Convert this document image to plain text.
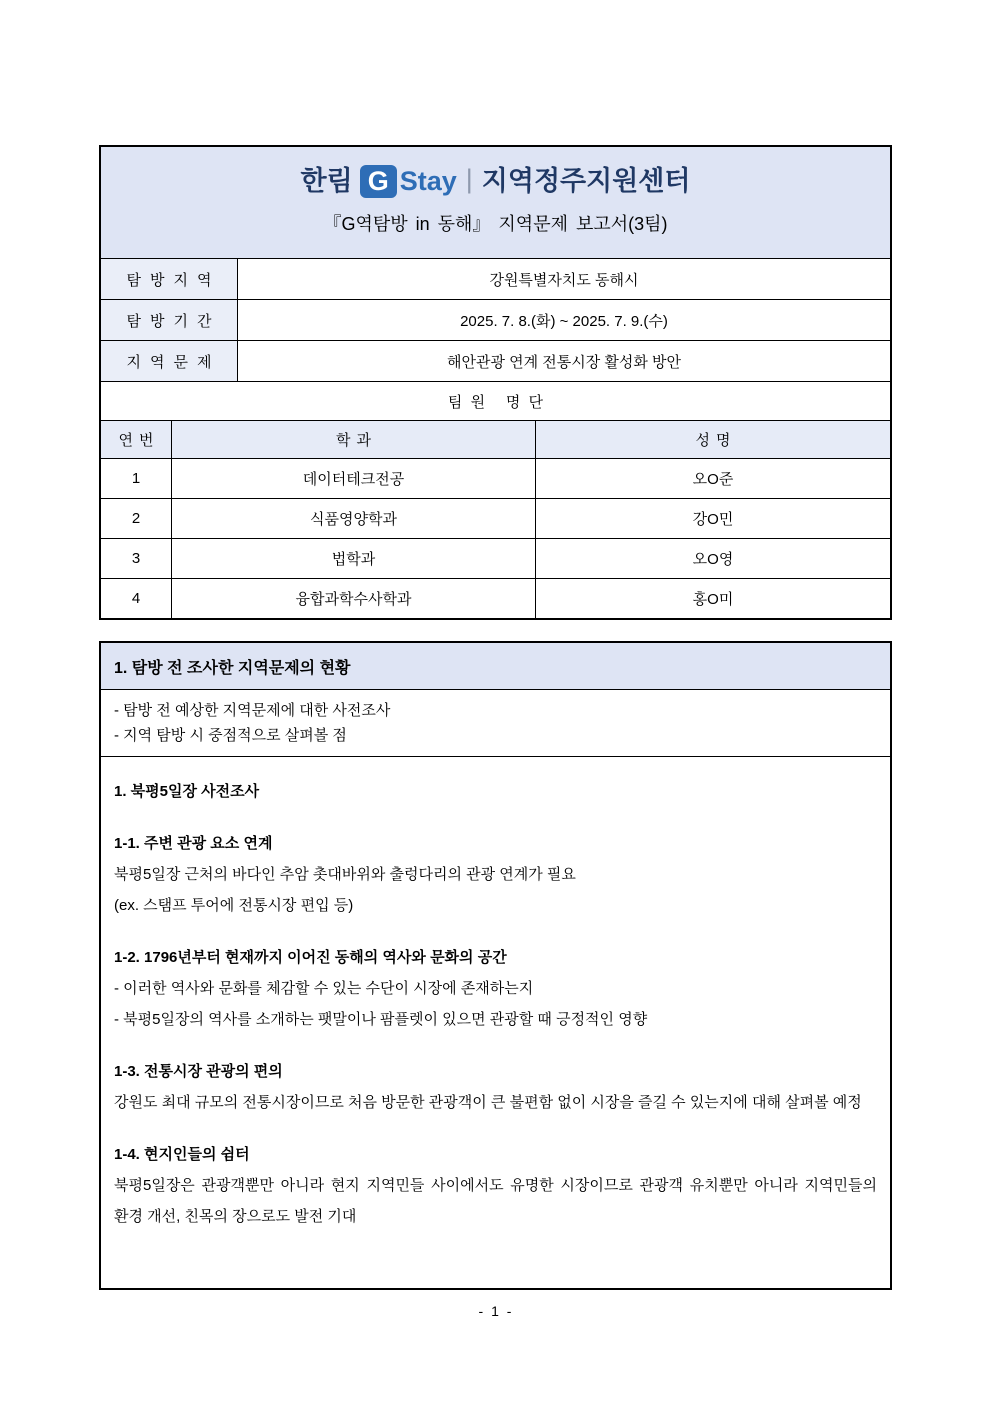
한림 G Stay | 지역정주지원센터
『G역탐방 in 동해』 지역문제 보고서(3팀)
탐방지역	강원특별자치도 동해시
탐방기간	2025. 7. 8.(화) ~ 2025. 7. 9.(수)
지역문제	해안관광 연계 전통시장 활성화 방안
팀원 명단
연번	학과	성명
1	데이터테크전공	오O준
2	식품영양학과	강O민
3	법학과	오O영
4	융합과학수사학과	홍O미
1. 탐방 전 조사한 지역문제의 현황
- 탐방 전 예상한 지역문제에 대한 사전조사
- 지역 탐방 시 중점적으로 살펴볼 점
1. 북평5일장 사전조사
1-1. 주변 관광 요소 연계
북평5일장 근처의 바다인 추암 촛대바위와 출렁다리의 관광 연계가 필요
(ex. 스탬프 투어에 전통시장 편입 등)
1-2. 1796년부터 현재까지 이어진 동해의 역사와 문화의 공간
- 이러한 역사와 문화를 체감할 수 있는 수단이 시장에 존재하는지
- 북평5일장의 역사를 소개하는 팻말이나 팜플렛이 있으면 관광할 때 긍정적인 영향
1-3. 전통시장 관광의 편의
강원도 최대 규모의 전통시장이므로 처음 방문한 관광객이 큰 불편함 없이 시장을 즐길 수 있는지에 대해 살펴볼 예정
1-4. 현지인들의 쉼터
북평5일장은 관광객뿐만 아니라 현지 지역민들 사이에서도 유명한 시장이므로 관광객 유치뿐만 아니라 지역민들의 환경 개선, 친목의 장으로도 발전 기대
- 1 -
